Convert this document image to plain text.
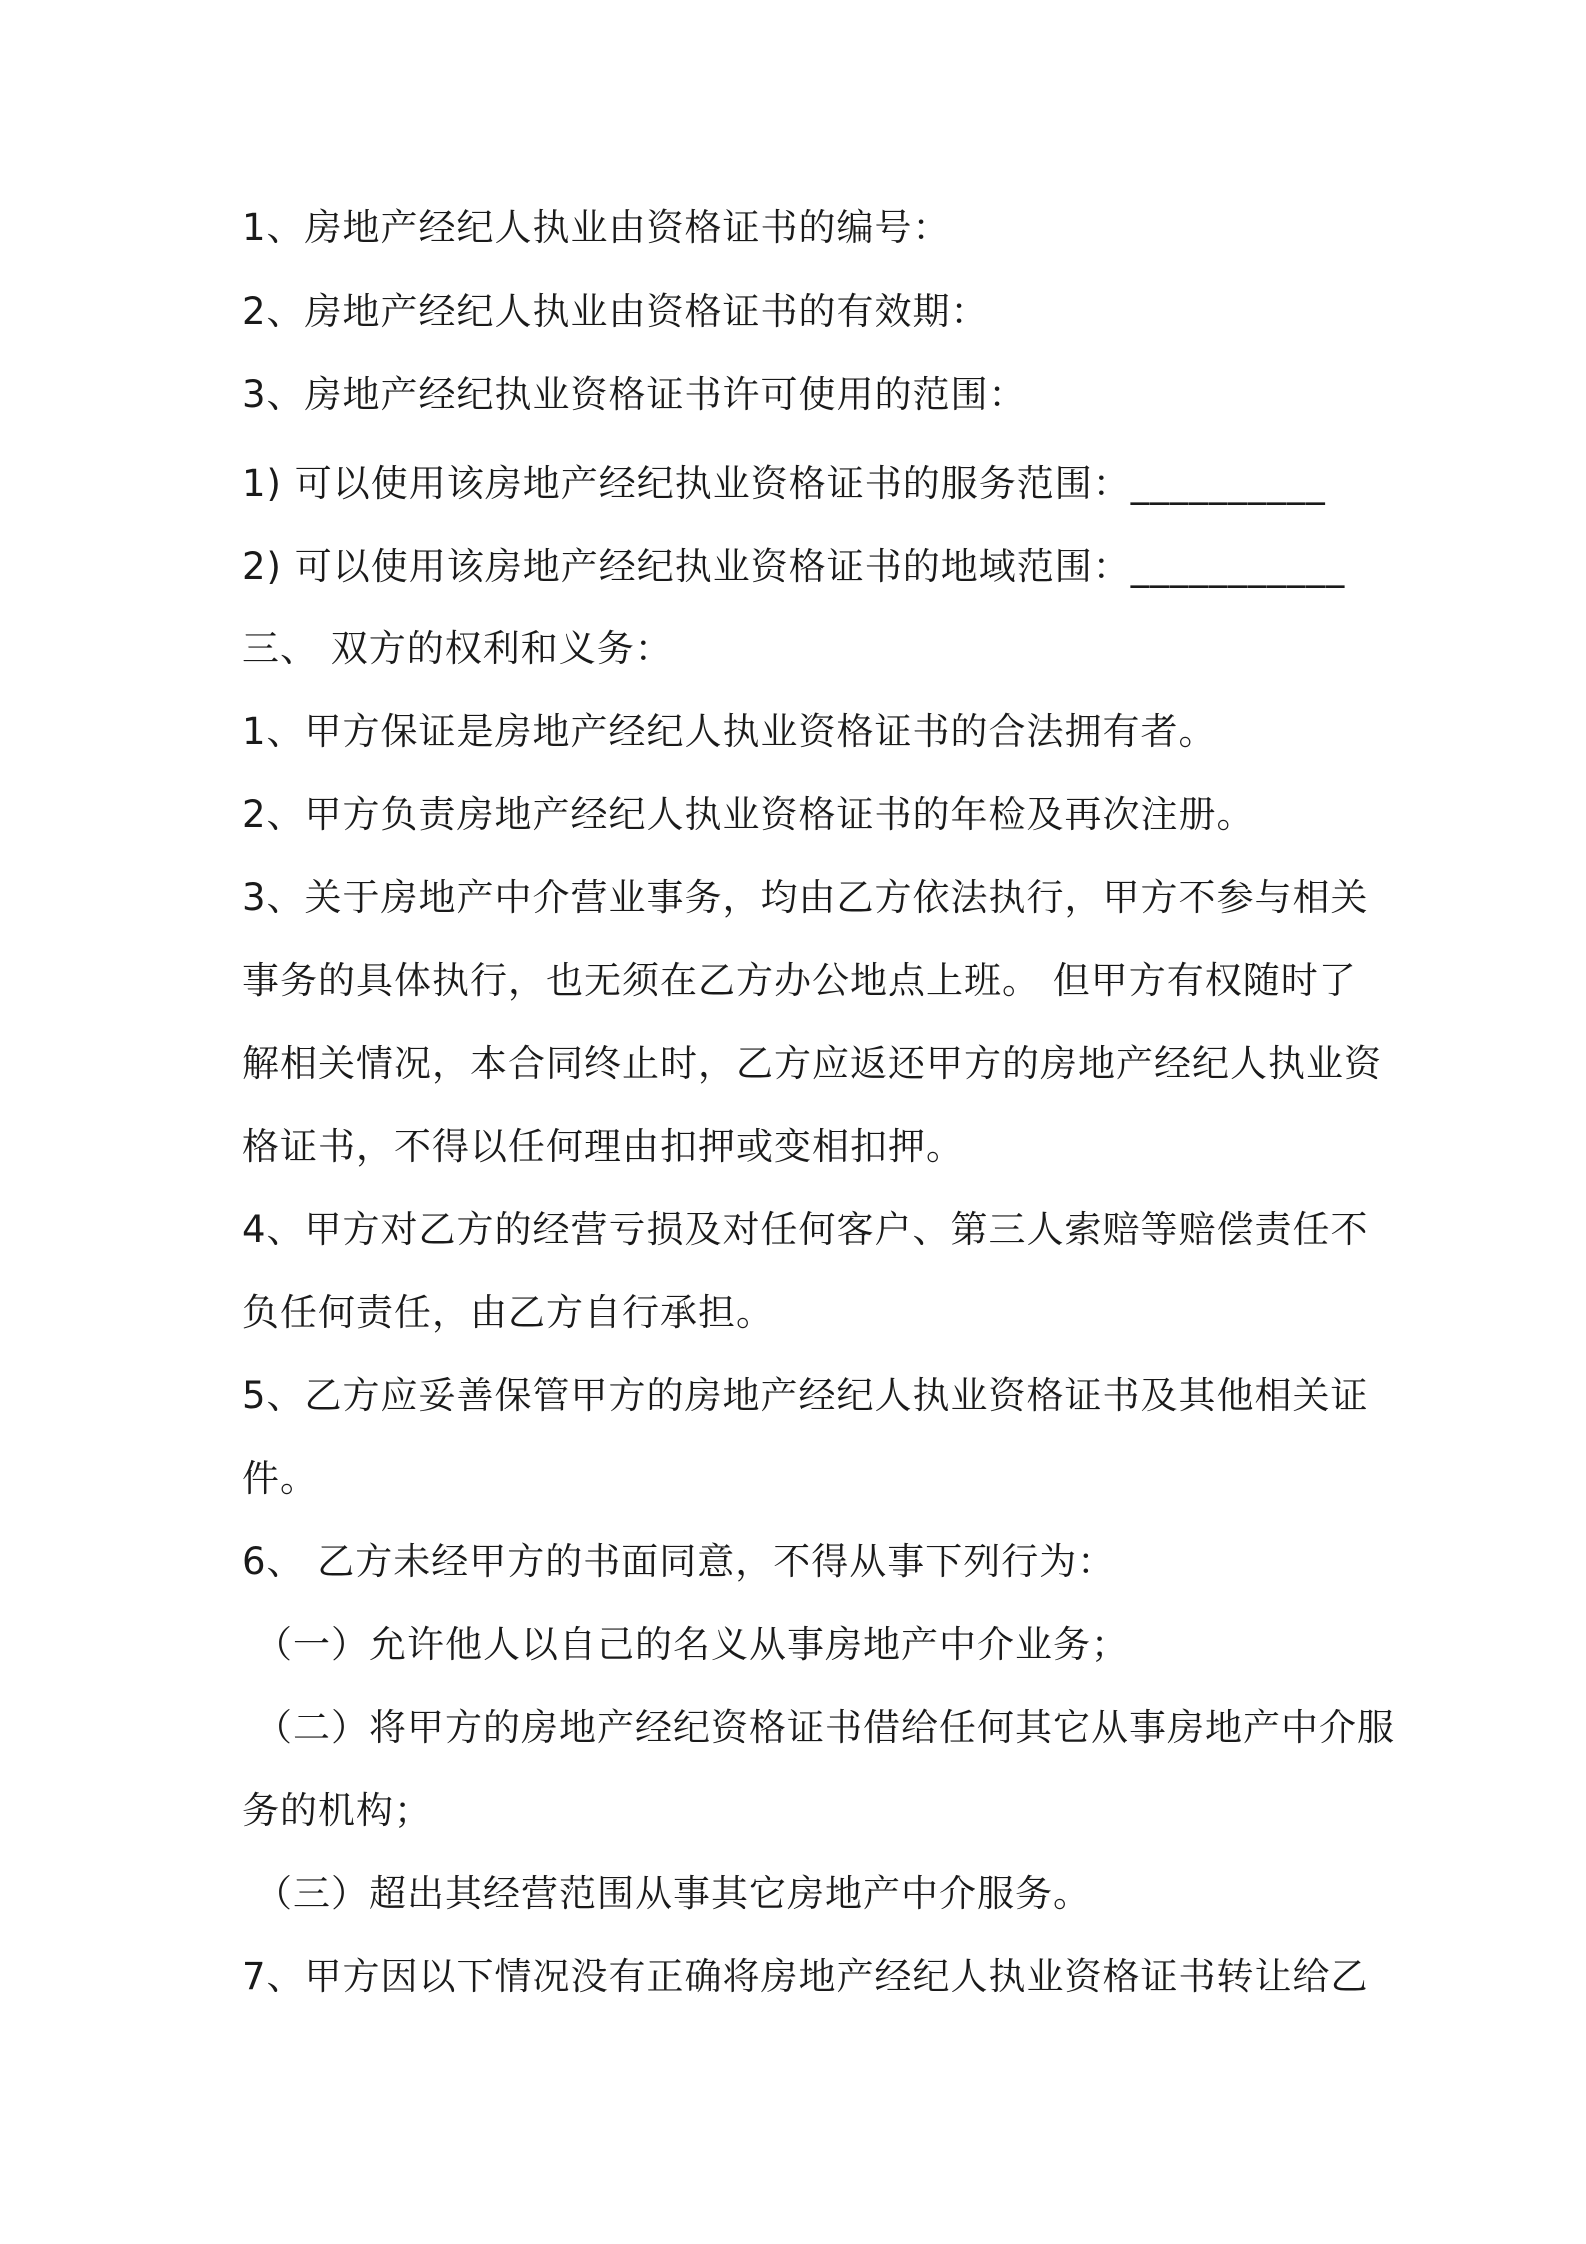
1、房地产经纪人执业由资格证书的编号：
2、房地产经纪人执业由资格证书的有效期：
3、房地产经纪执业资格证书许可使用的范围：
1) 可以使用该房地产经纪执业资格证书的服务范围：__________
2) 可以使用该房地产经纪执业资格证书的地域范围：___________
三、 双方的权利和义务：
1、甲方保证是房地产经纪人执业资格证书的合法拥有者。
2、甲方负责房地产经纪人执业资格证书的年检及再次注册。
3、关于房地产中介营业事务，均由乙方依法执行，甲方不参与相关
事务的具体执行，也无须在乙方办公地点上班。 但甲方有权随时了
解相关情况，本合同终止时，乙方应返还甲方的房地产经纪人执业资
格证书，不得以任何理由扣押或变相扣押。
4、甲方对乙方的经营亏损及对任何客户、第三人索赔等赔偿责任不
负任何责任，由乙方自行承担。
5、乙方应妥善保管甲方的房地产经纪人执业资格证书及其他相关证
件。
6、 乙方未经甲方的书面同意，不得从事下列行为：
（一）允许他人以自己的名义从事房地产中介业务；
（二）将甲方的房地产经纪资格证书借给任何其它从事房地产中介服
务的机构；
（三）超出其经营范围从事其它房地产中介服务。
7、甲方因以下情况没有正确将房地产经纪人执业资格证书转让给乙
